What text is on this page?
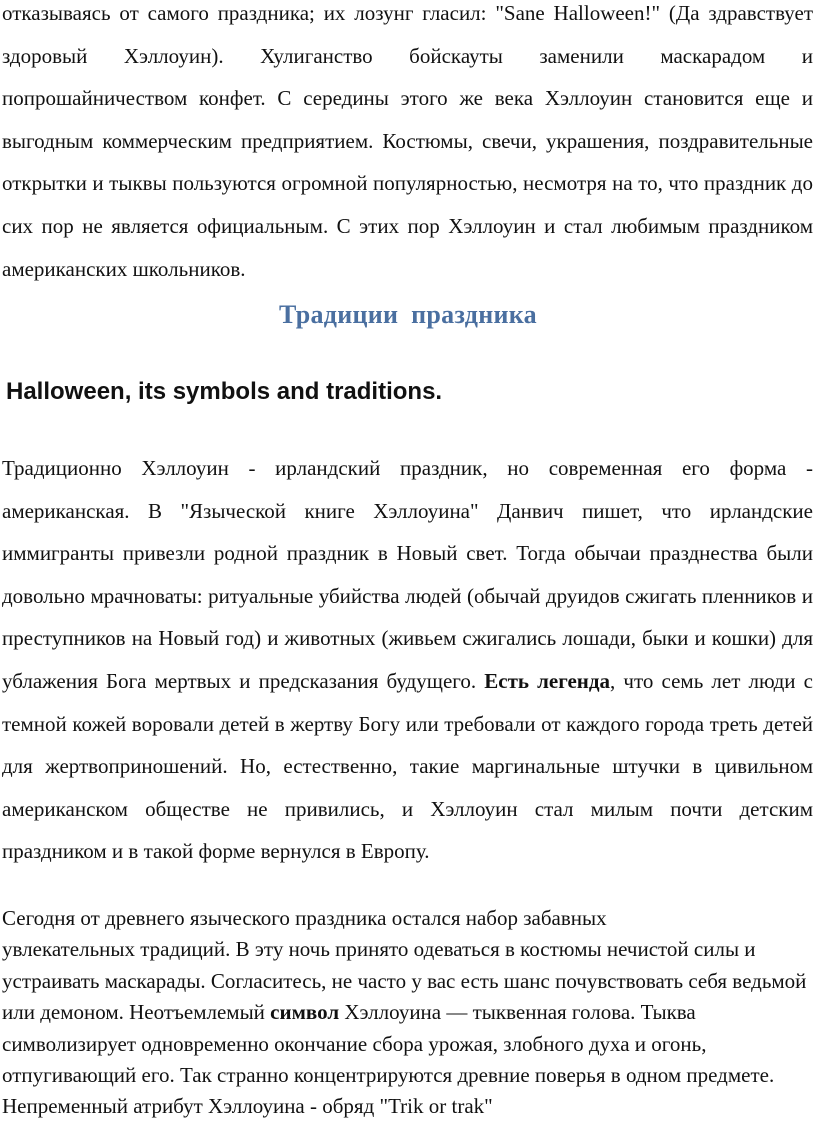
отказываясь от самого праздника; их лозунг гласил: "Sane Halloween!" (Да здравствует здоровый Хэллоуин). Хулиганство бойскауты заменили маскарадом и попрошайничеством конфет. С середины этого же века Хэллоуин становится еще и выгодным коммерческим предприятием. Костюмы, свечи, украшения, поздравительные открытки и тыквы пользуются огромной популярностью, несмотря на то, что праздник до сих пор не является официальным. С этих пор Хэллоуин и стал любимым праздником американских школьников.

Традиции праздника
Halloween, its symbols and traditions.

Традиционно Хэллоуин - ирландский праздник, но современная его форма - американская. В "Языческой книге Хэллоуина" Данвич пишет, что ирландские иммигранты привезли родной праздник в Новый свет. Тогда обычаи празднества были довольно мрачноваты: ритуальные убийства людей (обычай друидов сжигать пленников и преступников на Новый год) и животных (живьем сжигались лошади, быки и кошки) для ублажения Бога мертвых и предсказания будущего. Есть легенда, что семь лет люди с темной кожей воровали детей в жертву Богу или требовали от каждого города треть детей для жертвоприношений. Но, естественно, такие маргинальные штучки в цивильном американском обществе не привились, и Хэллоуин стал милым почти детским праздником и в такой форме вернулся в Европу.

Сегодня от древнего языческого праздника остался набор забавных
увлекательных традиций. В эту ночь принято одеваться в костюмы нечистой силы и устраивать маскарады. Согласитесь, не часто у вас есть шанс почувствовать себя ведьмой или демоном. Неотъемлемый символ Хэллоуина — тыквенная голова. Тыква символизирует одновременно окончание сбора урожая, злобного духа и огонь, отпугивающий его. Так странно концентрируются древние поверья в одном предмете. Непременный атрибут Хэллоуина - обряд "Trik or trak"
